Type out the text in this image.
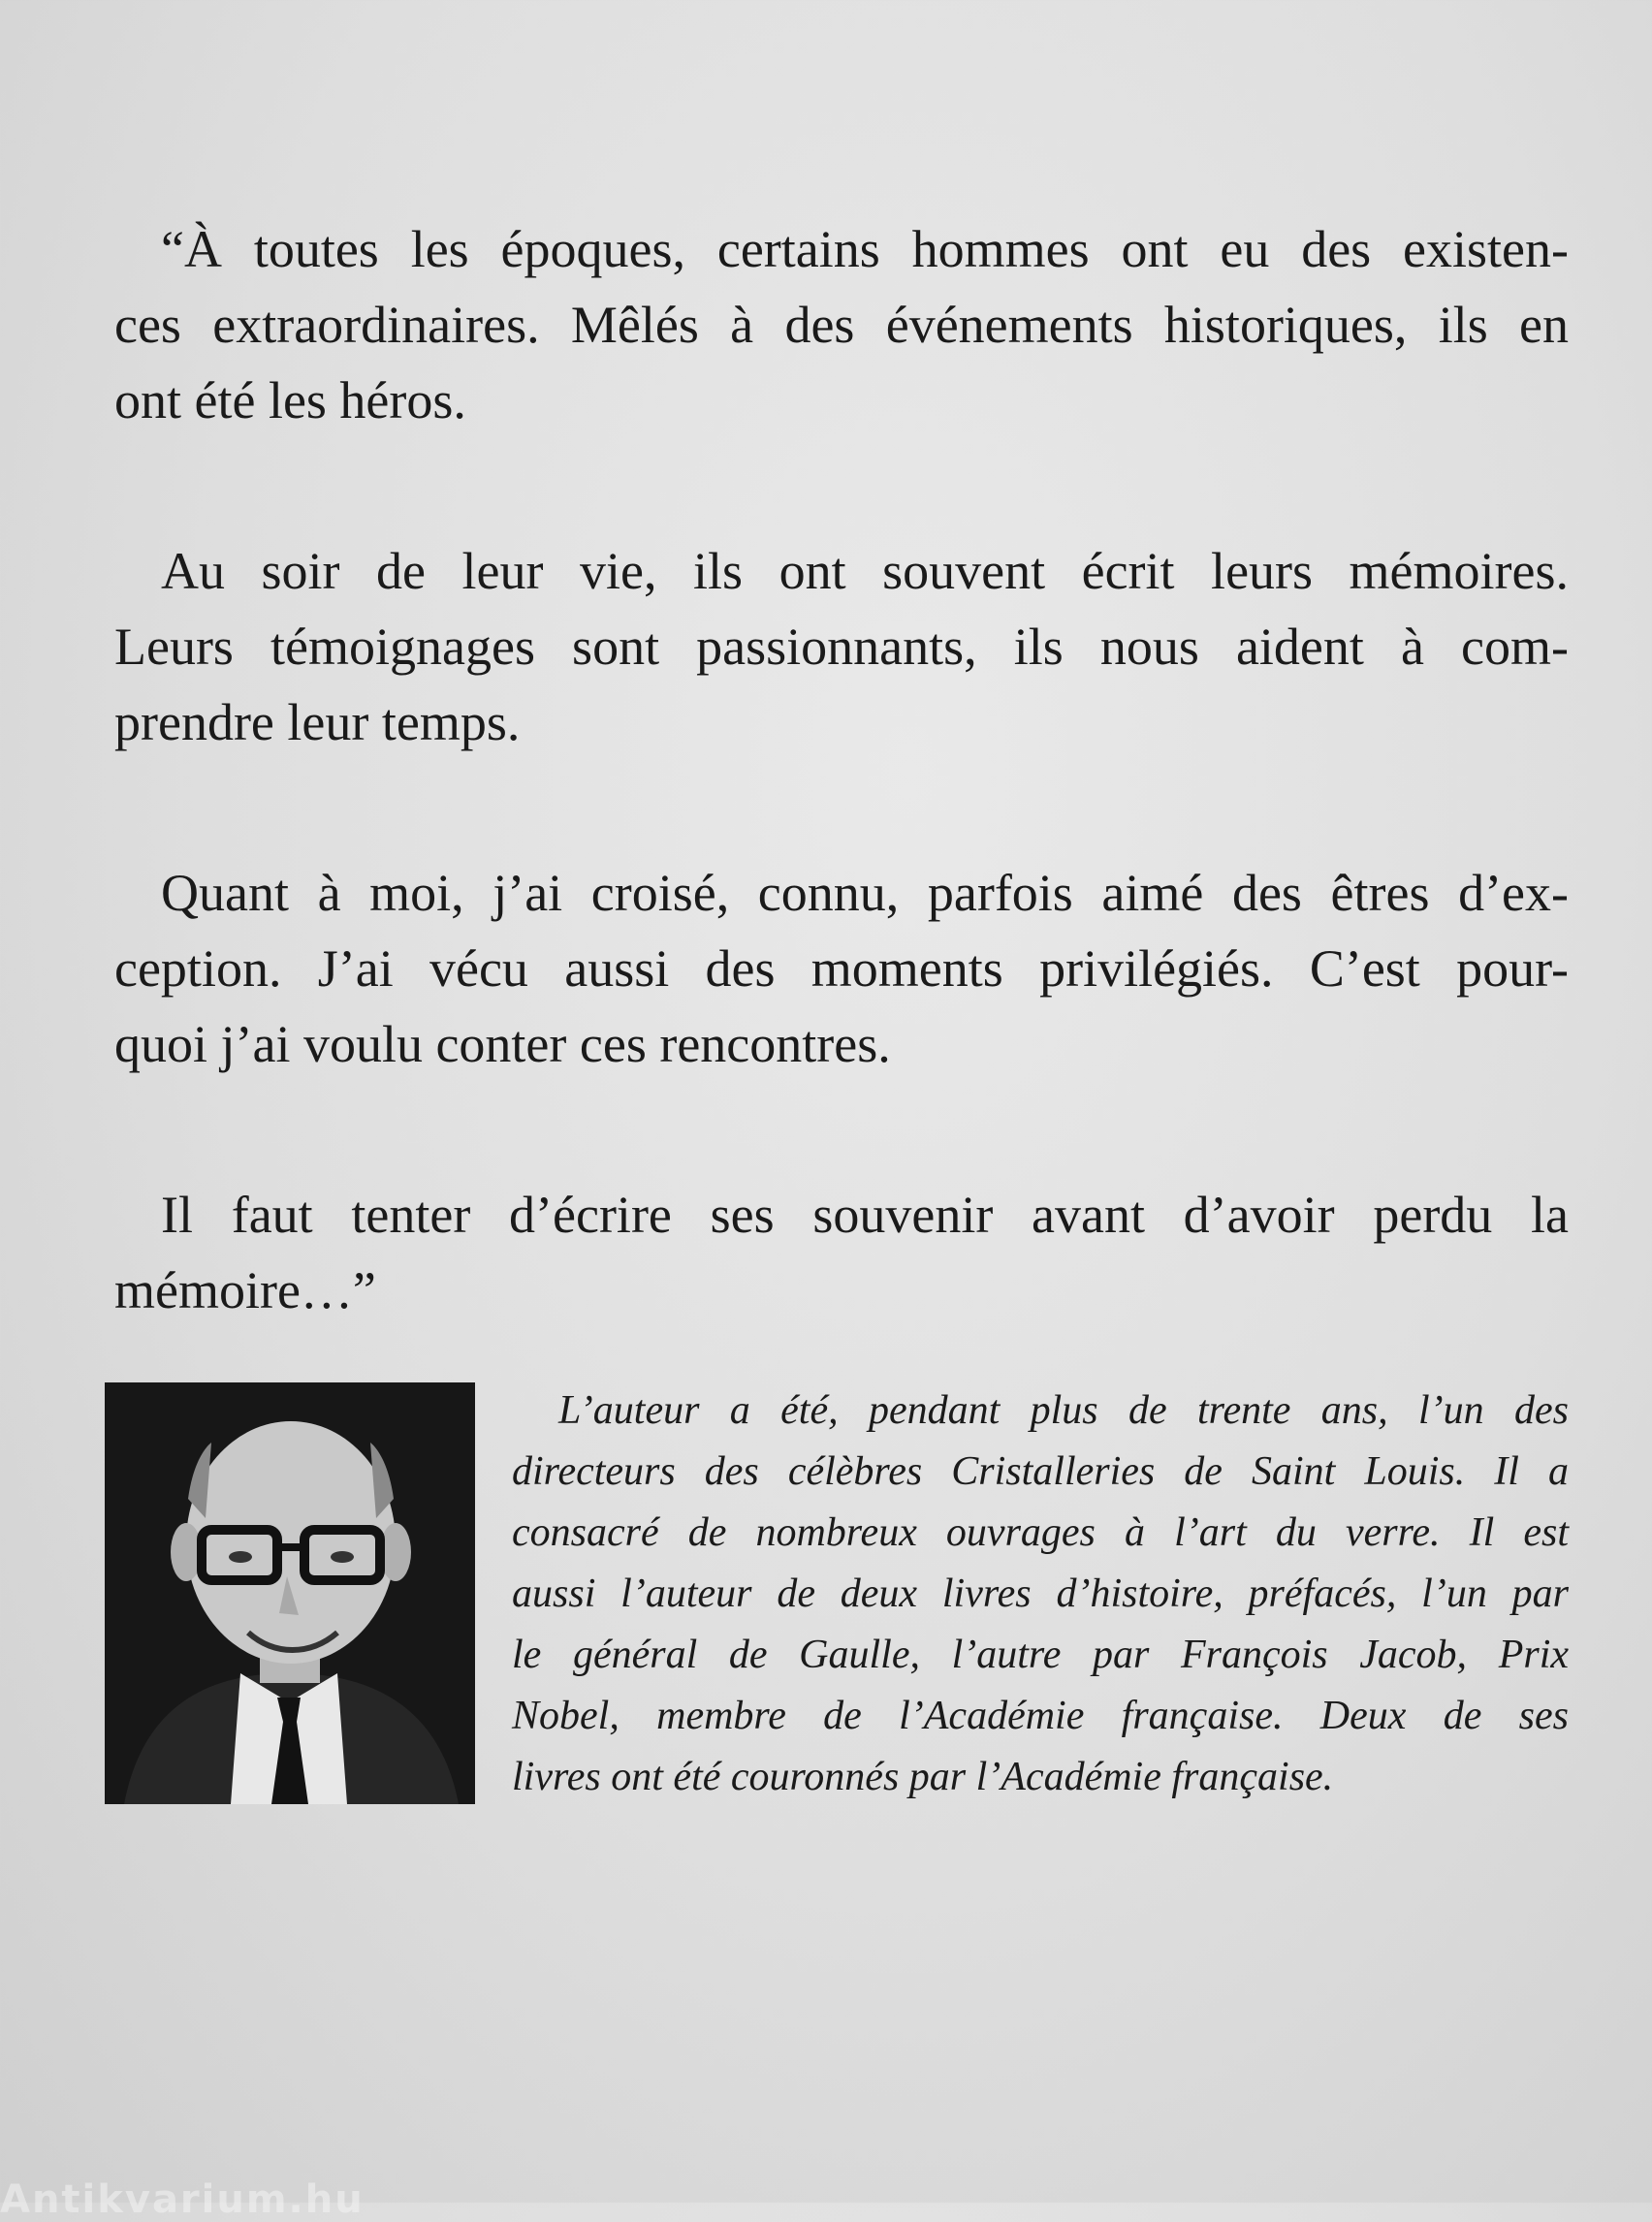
“À toutes les époques, certains hommes ont eu des existen-
ces extraordinaires. Mêlés à des événements historiques, ils en
ont été les héros.
Au soir de leur vie, ils ont souvent écrit leurs mémoires.
Leurs témoignages sont passionnants, ils nous aident à com-
prendre leur temps.
Quant à moi, j’ai croisé, connu, parfois aimé des êtres d’ex-
ception. J’ai vécu aussi des moments privilégiés. C’est pour-
quoi j’ai voulu conter ces rencontres.
Il faut tenter d’écrire ses souvenir avant d’avoir perdu la
mémoire…”
L’auteur a été, pendant plus de trente ans, l’un des
directeurs des célèbres Cristalleries de Saint Louis. Il a
consacré de nombreux ouvrages à l’art du verre. Il est
aussi l’auteur de deux livres d’histoire, préfacés, l’un par
le général de Gaulle, l’autre par François Jacob, Prix
Nobel, membre de l’Académie française. Deux de ses
livres ont été couronnés par l’Académie française.
Antikvarium.hu
